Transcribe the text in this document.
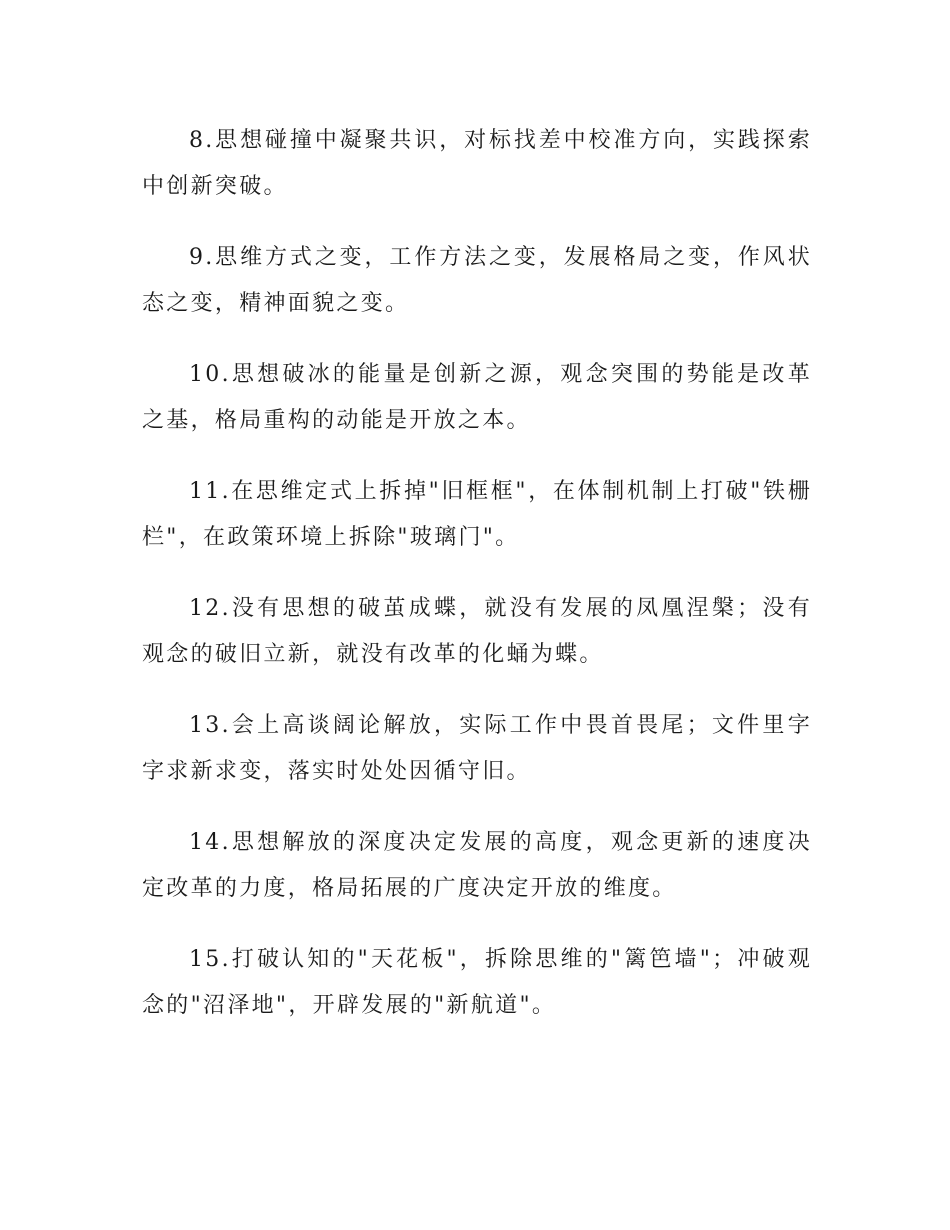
8.思想碰撞中凝聚共识，对标找差中校准方向，实践探索中创新突破。

9.思维方式之变，工作方法之变，发展格局之变，作风状态之变，精神面貌之变。

10.思想破冰的能量是创新之源，观念突围的势能是改革之基，格局重构的动能是开放之本。

11.在思维定式上拆掉"旧框框"，在体制机制上打破"铁栅栏"，在政策环境上拆除"玻璃门"。

12.没有思想的破茧成蝶，就没有发展的凤凰涅槃；没有观念的破旧立新，就没有改革的化蛹为蝶。

13.会上高谈阔论解放，实际工作中畏首畏尾；文件里字字求新求变，落实时处处因循守旧。

14.思想解放的深度决定发展的高度，观念更新的速度决定改革的力度，格局拓展的广度决定开放的维度。

15.打破认知的"天花板"，拆除思维的"篱笆墙"；冲破观念的"沼泽地"，开辟发展的"新航道"。
